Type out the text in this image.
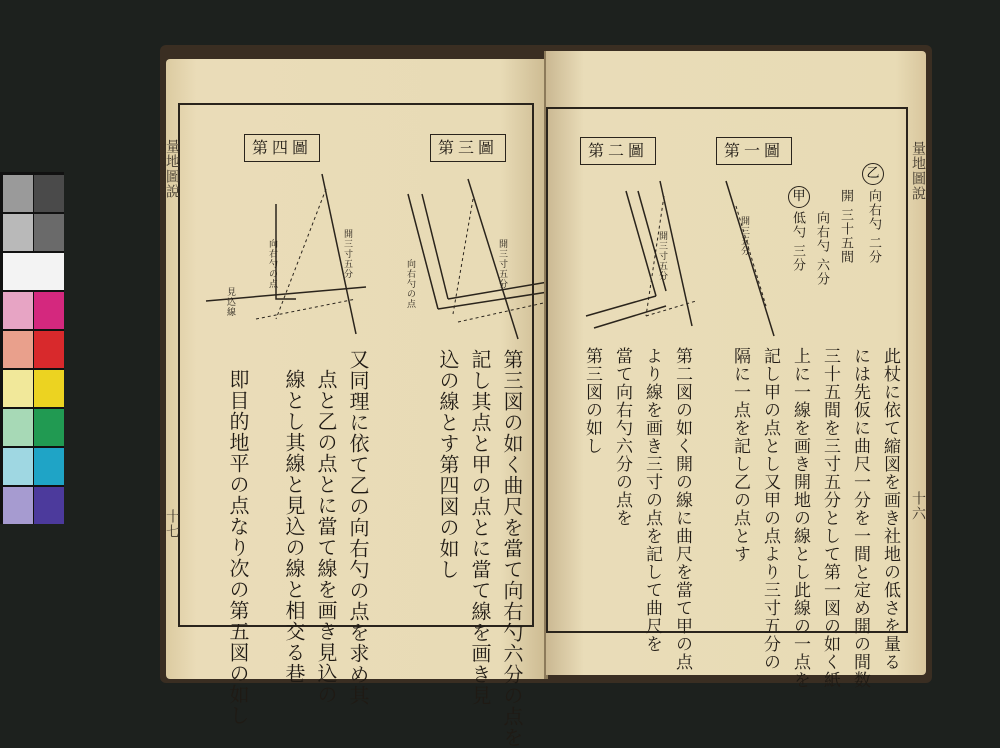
量地圖說
十七
第四圖	第三圖
開三寸五分
向右勺の点
見込線
開三寸五分
向右勺の点
第三図の如く曲尺を當て向右勺六分の点を
記し其点と甲の点とに當て線を画き見
込の線とす第四図の如し
又同理に依て乙の向右勺の点を求め其
点と乙の点とに當て線を画き見込の
線とし其線と見込の線と相交る巷
即目的地平の点なり次の第五図の如し
量地圖說
十六
第二圖	第一圖
開三寸五分	開三五分
乙
向右勺 二分
開 三十五間
甲
向右勺 六分
低勺 三分
此杖に依て縮図を画き社地の低さを量る
には先仮に曲尺一分を一間と定め開の間数
三十五間を三寸五分として第一図の如く紙
上に一線を画き開地の線とし此線の一点を
記し甲の点とし又甲の点より三寸五分の
隔に一点を記し乙の点とす
第二図の如く開の線に曲尺を當て甲の点
より線を画き三寸の点を記して曲尺を
當て向右勺六分の点を
第三図の如し
